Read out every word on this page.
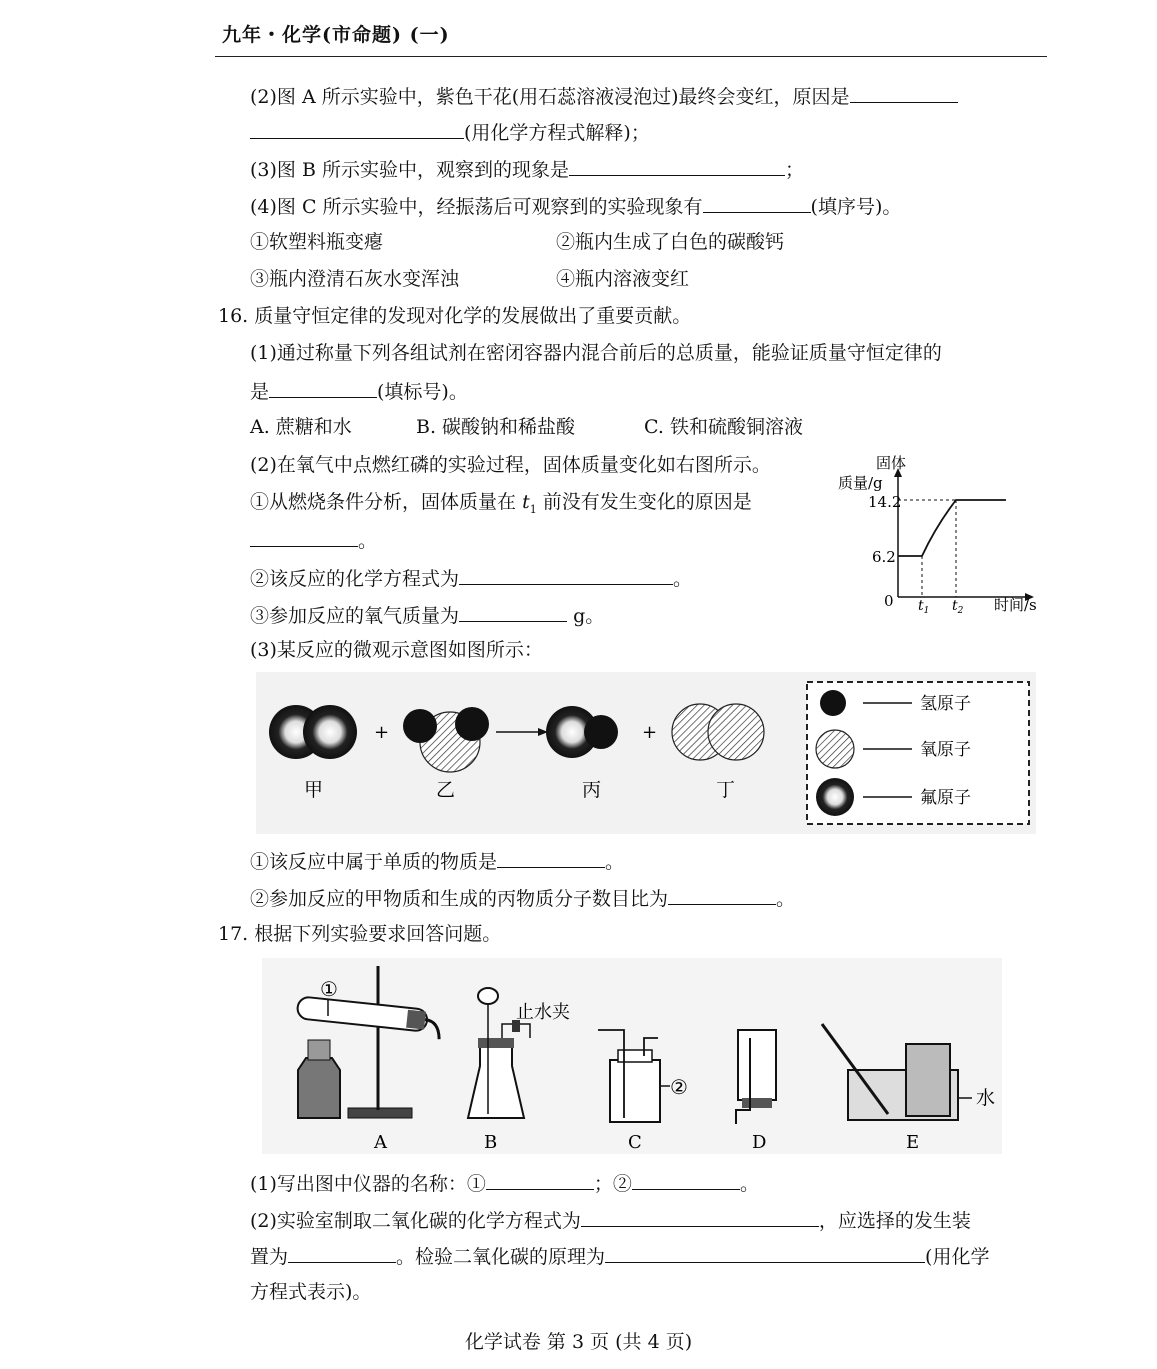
九年・化学(市命题) (一)
(2)图 A 所示实验中，紫色干花(用石蕊溶液浸泡过)最终会变红，原因是
(用化学方程式解释)；
(3)图 B 所示实验中，观察到的现象是	；
(4)图 C 所示实验中，经振荡后可观察到的实验现象有	(填序号)。
①软塑料瓶变瘪	②瓶内生成了白色的碳酸钙
③瓶内澄清石灰水变浑浊	④瓶内溶液变红
16. 质量守恒定律的发现对化学的发展做出了重要贡献。
(1)通过称量下列各组试剂在密闭容器内混合前后的总质量，能验证质量守恒定律的
是	(填标号)。
A. 蔗糖和水	B. 碳酸钠和稀盐酸	C. 铁和硫酸铜溶液
(2)在氧气中点燃红磷的实验过程，固体质量变化如右图所示。
①从燃烧条件分析，固体质量在 $t_1$ 前没有发生变化的原因是
。
②该反应的化学方程式为	。
③参加反应的氧气质量为	g。
(3)某反应的微观示意图如图所示：
固体
质量/g
14.2
6.2
0 $t_1$ $t_2$ 时间/s
+	+
甲	乙	丙	丁
氢原子
氧原子
氟原子
①该反应中属于单质的物质是	。
②参加反应的甲物质和生成的丙物质分子数目比为	。
17. 根据下列实验要求回答问题。
①
A
止水夹
B
②
C	D
水
E
(1)写出图中仪器的名称：①	；②	。
(2)实验室制取二氧化碳的化学方程式为	，应选择的发生装
置为	。检验二氧化碳的原理为	(用化学
方程式表示)。
化学试卷 第 3 页 (共 4 页)
